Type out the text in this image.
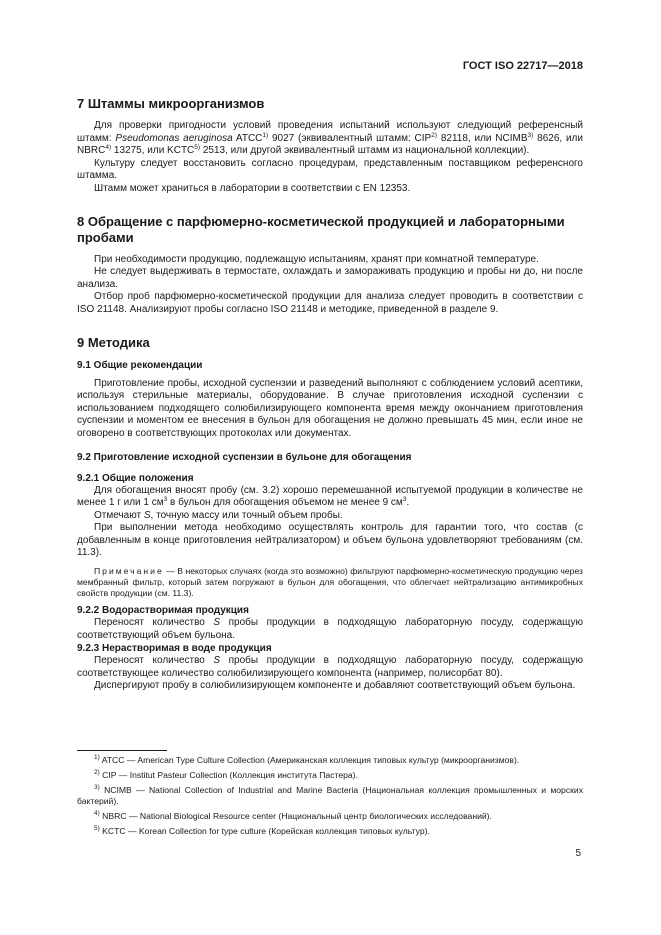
ГОСТ ISO 22717—2018
7 Штаммы микроорганизмов

Для проверки пригодности условий проведения испытаний используют следующий референсный штамм: Pseudomonas aeruginosa ATCC$^{1)}$ 9027 (эквивалентный штамм: CIP$^{2)}$ 82118, или NCIMB$^{3)}$ 8626, или NBRC$^{4)}$ 13275, или KCTC$^{5)}$ 2513, или другой эквивалентный штамм из национальной коллекции).

Культуру следует восстановить согласно процедурам, представленным поставщиком референсного штамма.

Штамм может храниться в лаборатории в соответствии с EN 12353.

8 Обращение с парфюмерно-косметической продукцией и лабораторными пробами

При необходимости продукцию, подлежащую испытаниям, хранят при комнатной температуре.

Не следует выдерживать в термостате, охлаждать и замораживать продукцию и пробы ни до, ни после анализа.

Отбор проб парфюмерно-косметической продукции для анализа следует проводить в соответствии с ISO 21148. Анализируют пробы согласно ISO 21148 и методике, приведенной в разделе 9.

9 Методика
9.1 Общие рекомендации

Приготовление пробы, исходной суспензии и разведений выполняют с соблюдением условий асептики, используя стерильные материалы, оборудование. В случае приготовления исходной суспензии с использованием подходящего солюбилизирующего компонента время между окончанием приготовления суспензии и моментом ее внесения в бульон для обогащения не должно превышать 45 мин, если иное не оговорено в соответствующих протоколах или документах.

9.2 Приготовление исходной суспензии в бульоне для обогащения
9.2.1 Общие положения

Для обогащения вносят пробу (см. 3.2) хорошо перемешанной испытуемой продукции в количестве не менее 1 г или 1 $см^3$ в бульон для обогащения объемом не менее 9 $см^3$.

Отмечают S, точную массу или точный объем пробы.

При выполнении метода необходимо осуществлять контроль для гарантии того, что состав (с добавленным в конце приготовления нейтрализатором) и объем бульона удовлетворяют требованиям (см. 11.3).

Примечание — В некоторых случаях (когда это возможно) фильтруют парфюмерно-косметическую продукцию через мембранный фильтр, который затем погружают в бульон для обогащения, что облегчает нейтрализацию антимикробных свойств продукции (см. 11.3).

9.2.2 Водорастворимая продукция

Переносят количество S пробы продукции в подходящую лабораторную посуду, содержащую соответствующий объем бульона.

9.2.3 Нерастворимая в воде продукция

Переносят количество S пробы продукции в подходящую лабораторную посуду, содержащую соответствующее количество солюбилизирующего компонента (например, полисорбат 80).

Диспергируют пробу в солюбилизирующем компоненте и добавляют соответствующий объем бульона.

$^{1)}$ ATCC — American Type Culture Collection (Американская коллекция типовых культур (микроорганизмов).

$^{2)}$ CIP — Institut Pasteur Collection (Коллекция института Пастера).

$^{3)}$ NCIMB — National Collection of Industrial and Marine Bacteria (Национальная коллекция промышленных и морских бактерий).

$^{4)}$ NBRC — National Biological Resource center (Национальный центр биологических исследований).

$^{5)}$ KCTC — Korean Collection for type culture (Корейская коллекция типовых культур).

5
